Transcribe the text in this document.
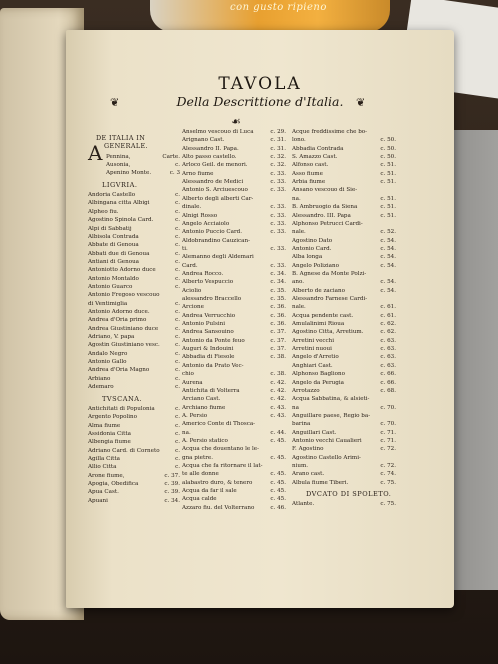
con gusto ripieno
TAVOLA
Della Descrittione d'Italia.
❦	❦
☙
DE ITALIA IN
GENERALE.
A Pennina,	Carte.
Ausonia,	c.
Apenino Monte.	c. 3
LIGVRIA.
Andoria Castello	c.
Albingana citta Albigi	c.
Alpheo fiu.	c.
Agostino Spinola Card.	c.
Alpi di Sabbatij	c.
Albisola Contrada	c.
Abbate di Genoua	c.
Abbati due di Genoua	c.
Antiani di Genoua	c.
Antoniotto Adorno duce	c.
Antonio Montaldo	c.
Antonio Guarco	c.
Antonio Fregoso vescouo
di Ventimiglia	c.
Antonio Adorno duce.	c.
Andrea d'Oria primo	c.
Andrea Giustiniano duce	c.
Adriano, V. papa	c.
Agostin Giustiniano vesc.	c.
Andalo Negro	c.
Antonio Gallo	c.
Andrea d'Oria Magno	c.
Arbiano	c.
Ademaro	c.
TVSCANA.
Antichitati di Populonia	c.
Argento Popolino	c.
Alma fiume	c.
Assidonia Citta	c.
Albengia fiume	c.
Adriano Card. di Corneto	c.
Agilla Citta	c.
Allio Citta	c.
Arone fiume,	c. 37.
Apogia, Obedifica	c. 39.
Apua Cast.	c. 39.
Apuani	c. 34.
Anselmo vescouo di Luca	c. 29.
Arignano Cast.	c. 31.
Alessandro II. Papa.	c. 31.
Alto passo castello.	c. 32.
Arloco Geil. de menori.	c. 32.
Arno fiume	c. 33.
Alessandro de Medici	c. 33.
Antonio S. Arciuescouo	c. 33.
Alberto degli alberti Car-
dinale.	c. 33.
Alnigi Rosso	c. 33.
Angelo Acciaiolo	c. 33.
Antonio Puccio Card.	c. 33.
Aldobrandino Cauzican-
ti.	c. 33.
Alemanno degli Aldemari
Card.	c. 33.
Andrea Rocco.	c. 34.
Alberto Vespuccio	c. 34.
Aciolio	c. 35.
alessandro Braccello	c. 35.
Arcione	c. 36.
Andrea Verrucchio	c. 36.
Antonio Pulsini	c. 36.
Andrea Sansouino	c. 37.
Antonio da Ponte feuo	c. 37.
Auguri & Indouini	c. 37.
Abbadia di Fiesole	c. 38.
Antonio da Prato Vec-
chio	c. 38.
Aurena	c. 42.
Antichita di Volterra	c. 42.
Arciano Cast.	c. 42.
Archiano fiume	c. 43.
A. Persio	c. 43.
Americo Conte di Thosca-
na.	c. 44.
A. Persio statico	c. 45.
Acqua che douentano le le-
gna pietre.	c. 45.
Acqua che fa ritornare il lat-
te alle donne	c. 45.
alabastro duro, & tenero	c. 45.
Acqua da far il sale	c. 45.
Acqua calde	c. 45.
Azzaro fiu. del Volterrano	c. 46.
Acque freddissime che bo-
lono.	c. 50.
Abbadia Contrada	c. 50.
S. Amazzo Cast.	c. 50.
Alfonso cast.	c. 51.
Asso fiume	c. 51.
Arbia fiume	c. 51.
Ansano vescouo di Sie-
na.	c. 51.
B. Ambruogio da Siena	c. 51.
Alessandro. III. Papa	c. 51.
Alphonso Petrucci Cardi-
nale.	c. 52.
Agostino Dato	c. 54.
Antonio Card.	c. 54.
Alba longa	c. 54.
Angelo Poliziano	c. 54.
B. Agnese da Monte Polzi-
ano.	c. 54.
Alberto de zaciano	c. 54.
Alessandro Farnese Cardi-
nale.	c. 61.
Acqua pendente cast.	c. 61.
Amulalinimi Rioua	c. 62.
Agostino Citta, Arretium.	c. 62.
Arretini vecchi	c. 63.
Arretini nuoui	c. 63.
Angelo d'Arretio	c. 63.
Anghiari Cast.	c. 63.
Alphonso Bagliono	c. 66.
Angelo da Perugia	c. 66.
Arrotazzo	c. 68.
Acqua Sabbatina, & alsieti-
na	c. 70.
Anguillare paese, Regio ba-
barina	c. 70.
Anguillari Cast.	c. 71.
Antonio vecchi Caualieri	c. 71.
F. Agostino	c. 72.
Agostino Castello Arimi-
nium.	c. 72.
Arano cast.	c. 74.
Albula fiume Tiberi.	c. 75.
DVCATO DI SPOLETO.
Atlante.	c. 75.
